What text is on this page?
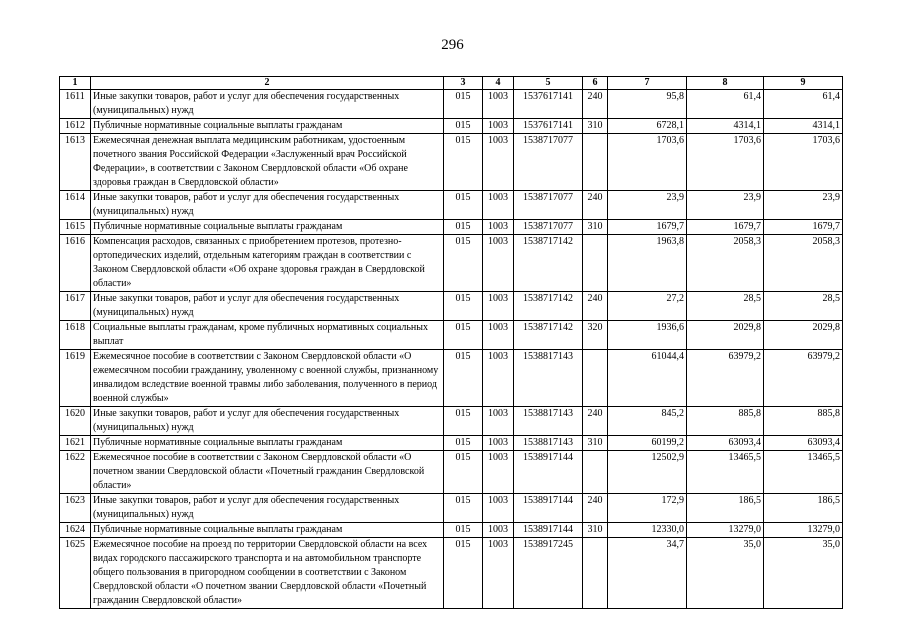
296
1	2	3	4	5	6	7	8	9
1611	Иные закупки товаров, работ и услуг для обеспечения государственных (муниципальных) нужд	015	1003	1537617141	240	95,8	61,4	61,4
1612	Публичные нормативные социальные выплаты гражданам	015	1003	1537617141	310	6728,1	4314,1	4314,1
1613	Ежемесячная денежная выплата медицинским работникам, удостоенным почетного звания Российской Федерации «Заслуженный врач Российской Федерации», в соответствии с Законом Свердловской области «Об охране здоровья граждан в Свердловской области»	015	1003	1538717077		1703,6	1703,6	1703,6
1614	Иные закупки товаров, работ и услуг для обеспечения государственных (муниципальных) нужд	015	1003	1538717077	240	23,9	23,9	23,9
1615	Публичные нормативные социальные выплаты гражданам	015	1003	1538717077	310	1679,7	1679,7	1679,7
1616	Компенсация расходов, связанных с приобретением протезов, протезно-ортопедических изделий, отдельным категориям граждан в соответствии с Законом Свердловской области «Об охране здоровья граждан в Свердловской области»	015	1003	1538717142		1963,8	2058,3	2058,3
1617	Иные закупки товаров, работ и услуг для обеспечения государственных (муниципальных) нужд	015	1003	1538717142	240	27,2	28,5	28,5
1618	Социальные выплаты гражданам, кроме публичных нормативных социальных выплат	015	1003	1538717142	320	1936,6	2029,8	2029,8
1619	Ежемесячное пособие в соответствии с Законом Свердловской области «О ежемесячном пособии гражданину, уволенному с военной службы, признанному инвалидом вследствие военной травмы либо заболевания, полученного в период военной службы»	015	1003	1538817143		61044,4	63979,2	63979,2
1620	Иные закупки товаров, работ и услуг для обеспечения государственных (муниципальных) нужд	015	1003	1538817143	240	845,2	885,8	885,8
1621	Публичные нормативные социальные выплаты гражданам	015	1003	1538817143	310	60199,2	63093,4	63093,4
1622	Ежемесячное пособие в соответствии с Законом Свердловской области «О почетном звании Свердловской области «Почетный гражданин Свердловской области»	015	1003	1538917144		12502,9	13465,5	13465,5
1623	Иные закупки товаров, работ и услуг для обеспечения государственных (муниципальных) нужд	015	1003	1538917144	240	172,9	186,5	186,5
1624	Публичные нормативные социальные выплаты гражданам	015	1003	1538917144	310	12330,0	13279,0	13279,0
1625	Ежемесячное пособие на проезд по территории Свердловской области на всех видах городского пассажирского транспорта и на автомобильном транспорте общего пользования в пригородном сообщении в соответствии с Законом Свердловской области «О почетном звании Свердловской области «Почетный гражданин Свердловской области»	015	1003	1538917245		34,7	35,0	35,0
